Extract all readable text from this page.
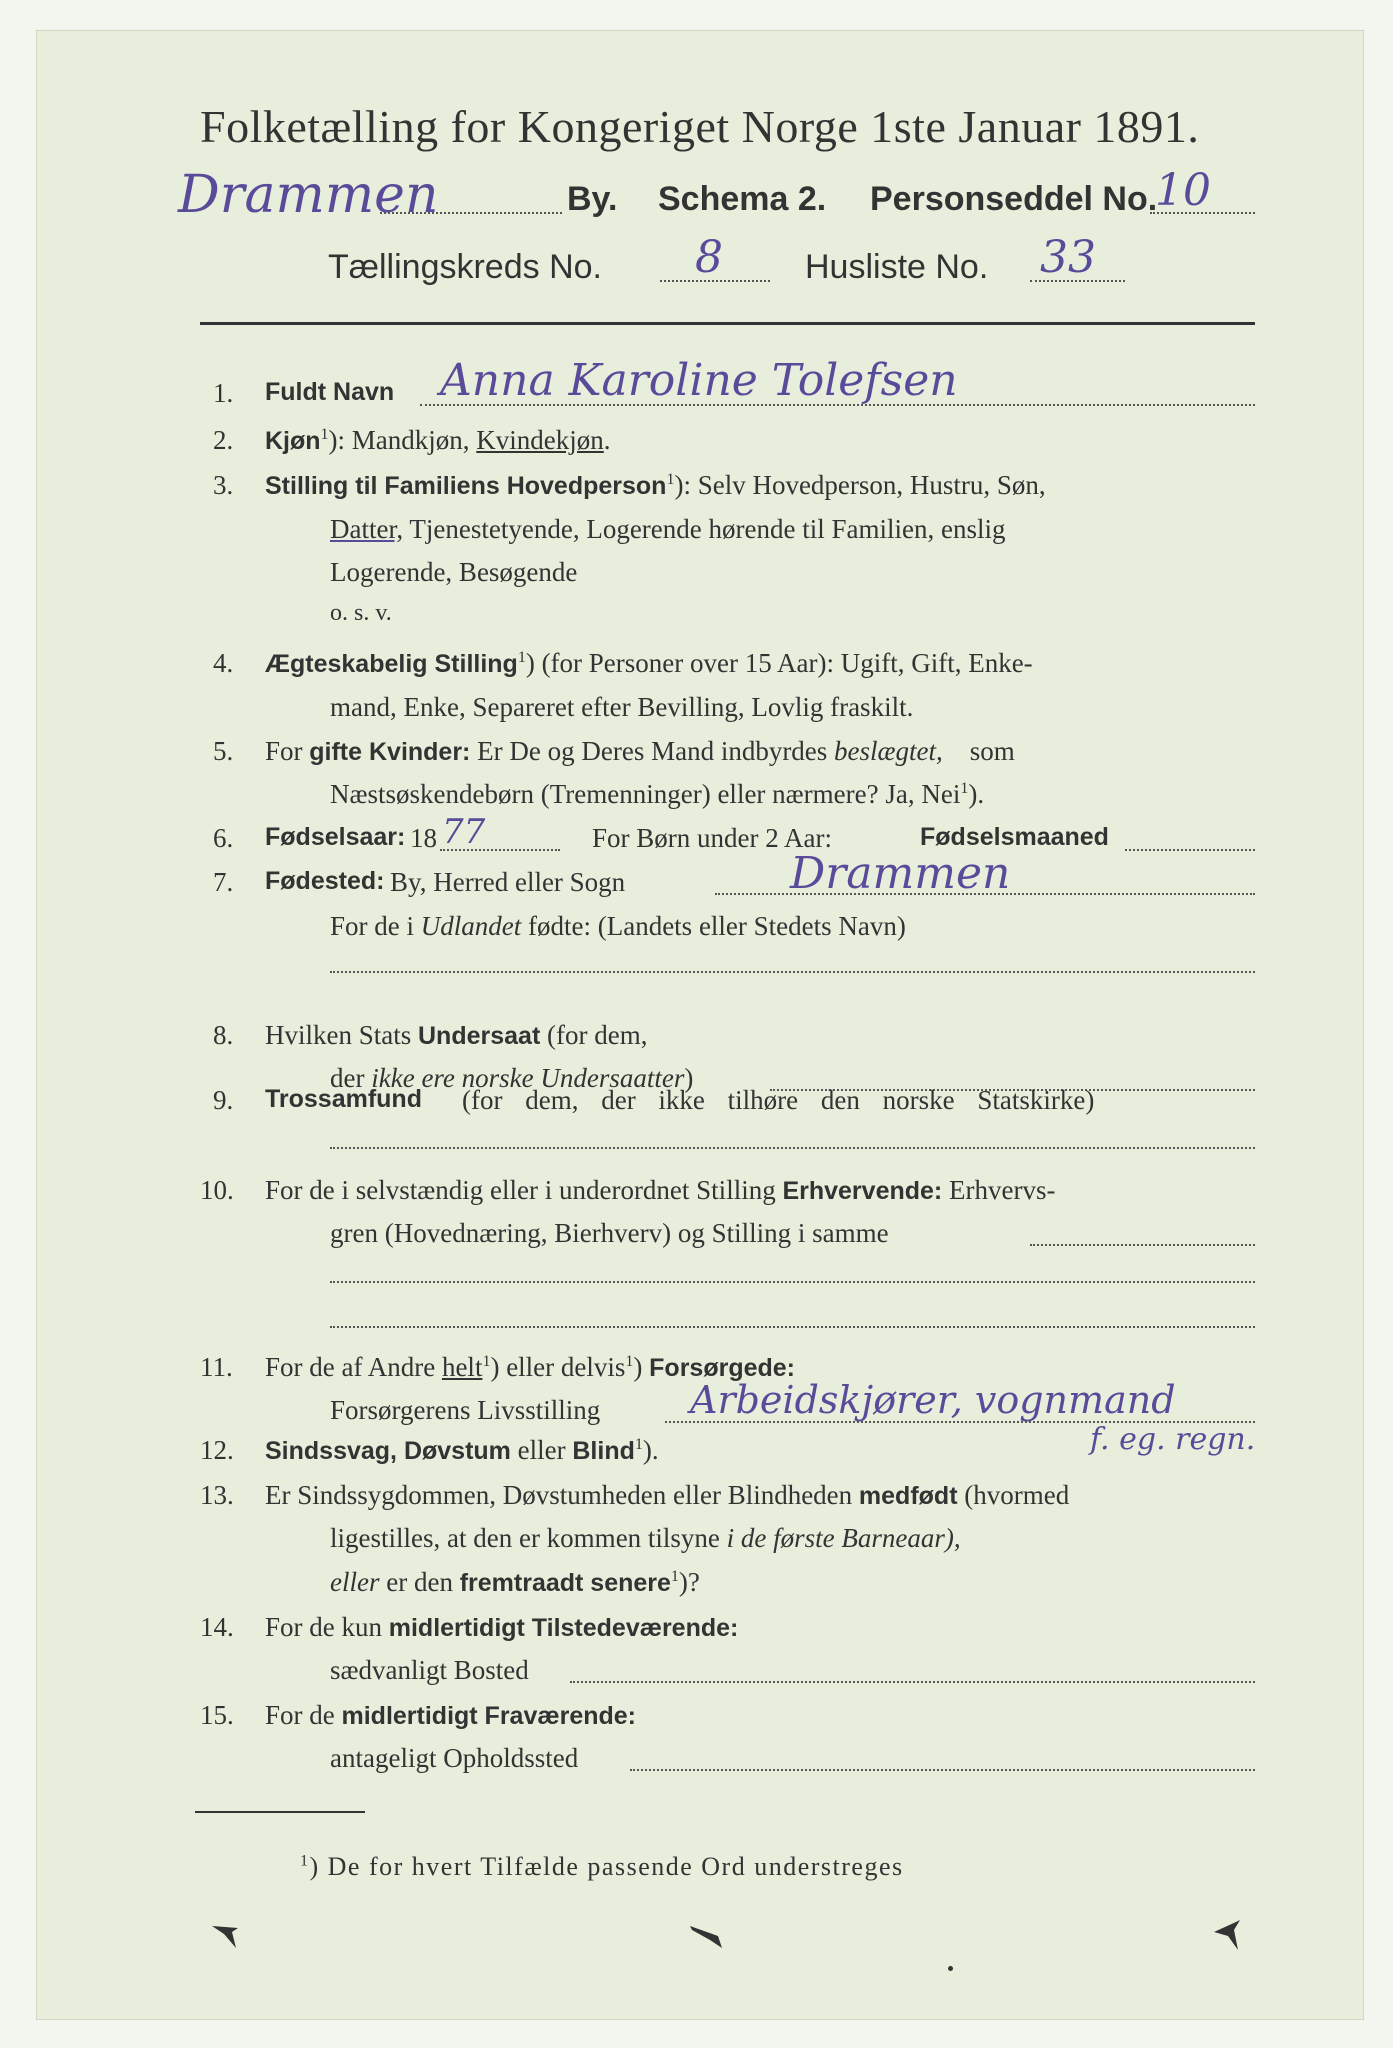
Folketælling for Kongeriget Norge 1ste Januar 1891.
Drammen	By. Schema 2. Personseddel No.
10
Tællingskreds No. 8 Husliste No. 33
1. Fuldt Navn Anna Karoline Tolefsen
2. Kjøn$^1$): Mandkjøn, Kvindekjøn.
3. Stilling til Familiens Hovedperson$^1$): Selv Hovedperson, Hustru, Søn,
Datter, Tjenestetyende, Logerende hørende til Familien, enslig
Logerende, Besøgende
o. s. v.
4. Ægteskabelig Stilling$^1$) (for Personer over 15 Aar): Ugift, Gift, Enke-
mand, Enke, Separeret efter Bevilling, Lovlig fraskilt.
5. For gifte Kvinder: Er De og Deres Mand indbyrdes beslægtet, som
Næstsøskendebørn (Tremenninger) eller nærmere? Ja, Nei$^1$).
6. Fødselsaar: 18 77	For Børn under 2 Aar:	Fødselsmaaned
7. Fødested: By, Herred eller Sogn	Drammen
For de i Udlandet fødte: (Landets eller Stedets Navn)
8. Hvilken Stats Undersaat (for dem,
der ikke ere norske Undersaatter)
9. Trossamfund (for dem, der ikke tilhøre den norske Statskirke)
10. For de i selvstændig eller i underordnet Stilling Erhvervende: Erhvervs-
gren (Hovednæring, Bierhverv) og Stilling i samme
11. For de af Andre helt$^1$) eller delvis$^1$) Forsørgede:
Forsørgerens Livsstilling Arbeidskjører, vognmand
f. eg. regn.
12. Sindssvag, Døvstum eller Blind$^1$).
13. Er Sindssygdommen, Døvstumheden eller Blindheden medfødt (hvormed
ligestilles, at den er kommen tilsyne i de første Barneaar),
eller er den fremtraadt senere$^1$)?
14. For de kun midlertidigt Tilstedeværende:
sædvanligt Bosted
15. For de midlertidigt Fraværende:
antageligt Opholdssted
$^1$) De for hvert Tilfælde passende Ord understreges
